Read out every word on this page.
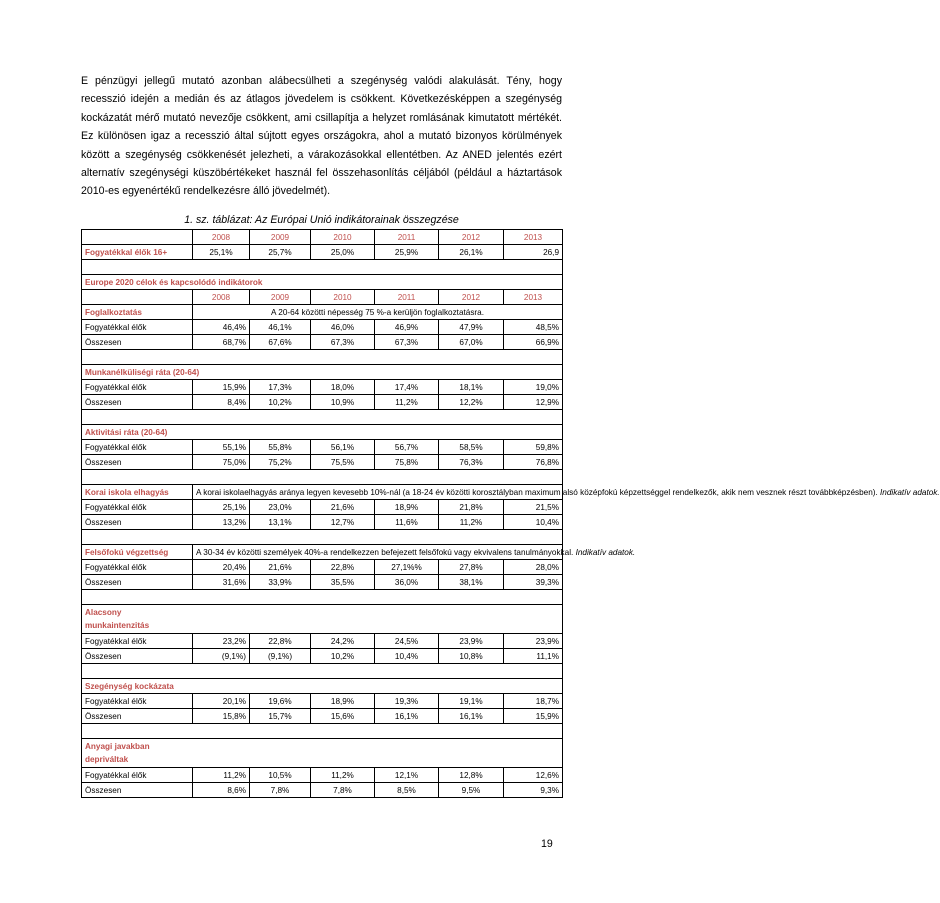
E pénzügyi jellegű mutató azonban alábecsülheti a szegénység valódi alakulását. Tény, hogy recesszió idején a medián és az átlagos jövedelem is csökkent. Következésképpen a szegénység kockázatát mérő mutató nevezője csökkent, ami csillapítja a helyzet romlásának kimutatott mértékét. Ez különösen igaz a recesszió által sújtott egyes országokra, ahol a mutató bizonyos körülmények között a szegénység csökkenését jelezheti, a várakozásokkal ellentétben. Az ANED jelentés ezért alternatív szegénységi küszöbértékeket használ fel összehasonlítás céljából (például a háztartások 2010-es egyenértékű rendelkezésre álló jövedelmét).

1. sz. táblázat: Az Európai Unió indikátorainak összegzése

	2008	2009	2010	2011	2012	2013
Fogyatékkal élők 16+	25,1%	25,7%	25,0%	25,9%	26,1%	26,9

Europe 2020 célok és kapcsolódó indikátorok						
	2008	2009	2010	2011	2012	2013
Foglalkoztatás	A 20-64 közötti népesség 75 %-a kerüljön foglalkoztatásra.					
Fogyatékkal élők	46,4%	46,1%	46,0%	46,9%	47,9%	48,5%
Összesen	68,7%	67,6%	67,3%	67,3%	67,0%	66,9%

Munkanélküliségi ráta (20-64)						
Fogyatékkal élők	15,9%	17,3%	18,0%	17,4%	18,1%	19,0%
Összesen	8,4%	10,2%	10,9%	11,2%	12,2%	12,9%

Aktivitási ráta (20-64)						
Fogyatékkal élők	55,1%	55,8%	56,1%	56,7%	58,5%	59,8%
Összesen	75,0%	75,2%	75,5%	75,8%	76,3%	76,8%

Korai iskola elhagyás	A korai iskolaelhagyás aránya legyen kevesebb 10%-nál (a 18-24 év közötti korosztályban maximum alsó középfokú képzettséggel rendelkezők, akik nem vesznek részt továbbképzésben). Indikatív adatok.					
Fogyatékkal élők	25,1%	23,0%	21,6%	18,9%	21,8%	21,5%
Összesen	13,2%	13,1%	12,7%	11,6%	11,2%	10,4%

Felsőfokú végzettség	A 30-34 év közötti személyek 40%-a rendelkezzen befejezett felsőfokú vagy ekvivalens tanulmányokkal. Indikatív adatok.					
Fogyatékkal élők	20,4%	21,6%	22,8%	27,1%%	27,8%	28,0%
Összesen	31,6%	33,9%	35,5%	36,0%	38,1%	39,3%

Alacsony
munkaintenzitás						
Fogyatékkal élők	23,2%	22,8%	24,2%	24,5%	23,9%	23,9%
Összesen	(9,1%)	(9,1%)	10,2%	10,4%	10,8%	11,1%

Szegénység kockázata						
Fogyatékkal élők	20,1%	19,6%	18,9%	19,3%	19,1%	18,7%
Összesen	15,8%	15,7%	15,6%	16,1%	16,1%	15,9%

Anyagi javakban
depriváltak						
Fogyatékkal élők	11,2%	10,5%	11,2%	12,1%	12,8%	12,6%
Összesen	8,6%	7,8%	7,8%	8,5%	9,5%	9,3%

19
